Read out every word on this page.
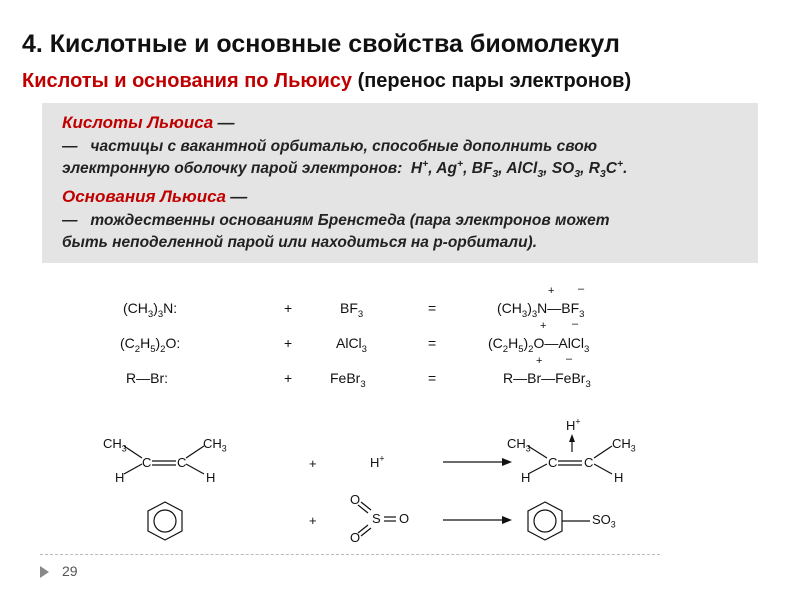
4. Кислотные и основные свойства биомолекул
Кислоты и основания по Льюису (перенос пары электронов)
Кислоты Льюиса —
— частицы с вакантной орбиталью, способные дополнить свою
электронную оболочку парой электронов: H+, Ag+, $BF_3$, AlCl$_3$, $SO_3$, $R_3C^+$.
Основания Льюиса —
— тождественны основаниям Бренстеда (пара электронов может
быть неподеленной парой или находиться на р-орбитали).
$(CH_3)_3N$:	+	$BF_3$	=	$(CH_3)_3N—BF_3$
+ –
$(C_2H_5)_2O$:	+	AlCl$_3$	=	$(C_2H_5)_2O—AlCl_3$
+ –
R—Br:	+	FeBr$_3$	=	R—Br—FeBr$_3$
+ –
$CH_3$	$CH_3$
C C
H	H
+	H+
$CH_3$	$CH_3$
C C
H	H
H+
+
O
S O
O
$SO_3$
29
